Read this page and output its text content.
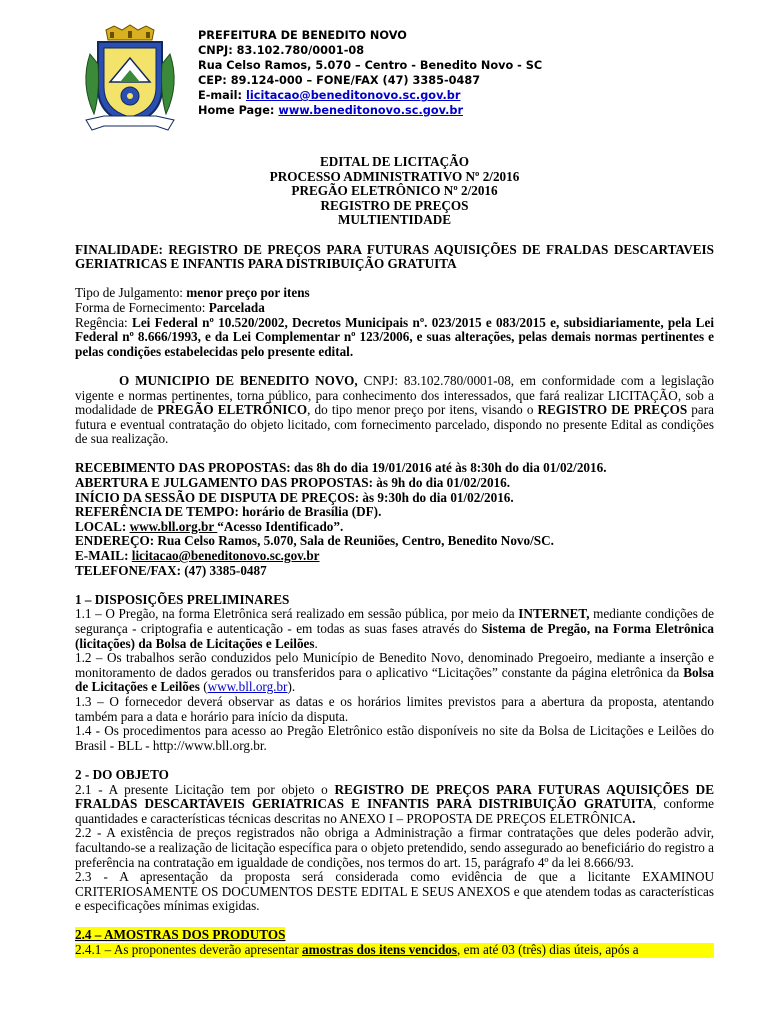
PREFEITURA DE BENEDITO NOVO
CNPJ: 83.102.780/0001-08
Rua Celso Ramos, 5.070 – Centro - Benedito Novo - SC
CEP: 89.124-000 – FONE/FAX (47) 3385-0487
E-mail: licitacao@beneditonovo.sc.gov.br
Home Page: www.beneditonovo.sc.gov.br

EDITAL DE LICITAÇÃO

PROCESSO ADMINISTRATIVO Nº 2/2016

PREGÃO ELETRÔNICO Nº 2/2016

REGISTRO DE PREÇOS

MULTIENTIDADE

FINALIDADE: REGISTRO DE PREÇOS PARA FUTURAS AQUISIÇÕES DE FRALDAS DESCARTAVEIS GERIATRICAS E INFANTIS PARA DISTRIBUIÇÃO GRATUITA

Tipo de Julgamento: menor preço por itens

Forma de Fornecimento: Parcelada

Regência: Lei Federal nº 10.520/2002, Decretos Municipais nº. 023/2015 e 083/2015 e, subsidiariamente, pela Lei Federal nº 8.666/1993, e da Lei Complementar nº 123/2006, e suas alterações, pelas demais normas pertinentes e pelas condições estabelecidas pelo presente edital.

O MUNICIPIO DE BENEDITO NOVO, CNPJ: 83.102.780/0001-08, em conformidade com a legislação vigente e normas pertinentes, torna público, para conhecimento dos interessados, que fará realizar LICITAÇÃO, sob a modalidade de PREGÃO ELETRÔNICO, do tipo menor preço por itens, visando o REGISTRO DE PREÇOS para futura e eventual contratação do objeto licitado, com fornecimento parcelado, dispondo no presente Edital as condições de sua realização.

RECEBIMENTO DAS PROPOSTAS: das 8h do dia 19/01/2016 até às 8:30h do dia 01/02/2016.

ABERTURA E JULGAMENTO DAS PROPOSTAS: às 9h do dia 01/02/2016.

INÍCIO DA SESSÃO DE DISPUTA DE PREÇOS: às 9:30h do dia 01/02/2016.

REFERÊNCIA DE TEMPO: horário de Brasília (DF).

LOCAL: www.bll.org.br “Acesso Identificado”.

ENDEREÇO: Rua Celso Ramos, 5.070, Sala de Reuniões, Centro, Benedito Novo/SC.

E-MAIL: licitacao@beneditonovo.sc.gov.br

TELEFONE/FAX: (47) 3385-0487

1 – DISPOSIÇÕES PRELIMINARES

1.1 – O Pregão, na forma Eletrônica será realizado em sessão pública, por meio da INTERNET, mediante condições de segurança - criptografia e autenticação - em todas as suas fases através do Sistema de Pregão, na Forma Eletrônica (licitações) da Bolsa de Licitações e Leilões.

1.2 – Os trabalhos serão conduzidos pelo Município de Benedito Novo, denominado Pregoeiro, mediante a inserção e monitoramento de dados gerados ou transferidos para o aplicativo “Licitações” constante da página eletrônica da Bolsa de Licitações e Leilões (www.bll.org.br).

1.3 – O fornecedor deverá observar as datas e os horários limites previstos para a abertura da proposta, atentando também para a data e horário para início da disputa.

1.4 - Os procedimentos para acesso ao Pregão Eletrônico estão disponíveis no site da Bolsa de Licitações e Leilões do Brasil - BLL - http://www.bll.org.br.

2 - DO OBJETO

2.1 - A presente Licitação tem por objeto o REGISTRO DE PREÇOS PARA FUTURAS AQUISIÇÕES DE FRALDAS DESCARTAVEIS GERIATRICAS E INFANTIS PARA DISTRIBUIÇÃO GRATUITA, conforme quantidades e características técnicas descritas no ANEXO I – PROPOSTA DE PREÇOS ELETRÔNICA.

2.2 - A existência de preços registrados não obriga a Administração a firmar contratações que deles poderão advir, facultando-se a realização de licitação específica para o objeto pretendido, sendo assegurado ao beneficiário do registro a preferência na contratação em igualdade de condições, nos termos do art. 15, parágrafo 4º da lei 8.666/93.

2.3 - A apresentação da proposta será considerada como evidência de que a licitante EXAMINOU CRITERIOSAMENTE OS DOCUMENTOS DESTE EDITAL E SEUS ANEXOS e que atendem todas as características e especificações mínimas exigidas.

2.4 – AMOSTRAS DOS PRODUTOS

2.4.1 – As proponentes deverão apresentar amostras dos itens vencidos, em até 03 (três) dias úteis, após a
